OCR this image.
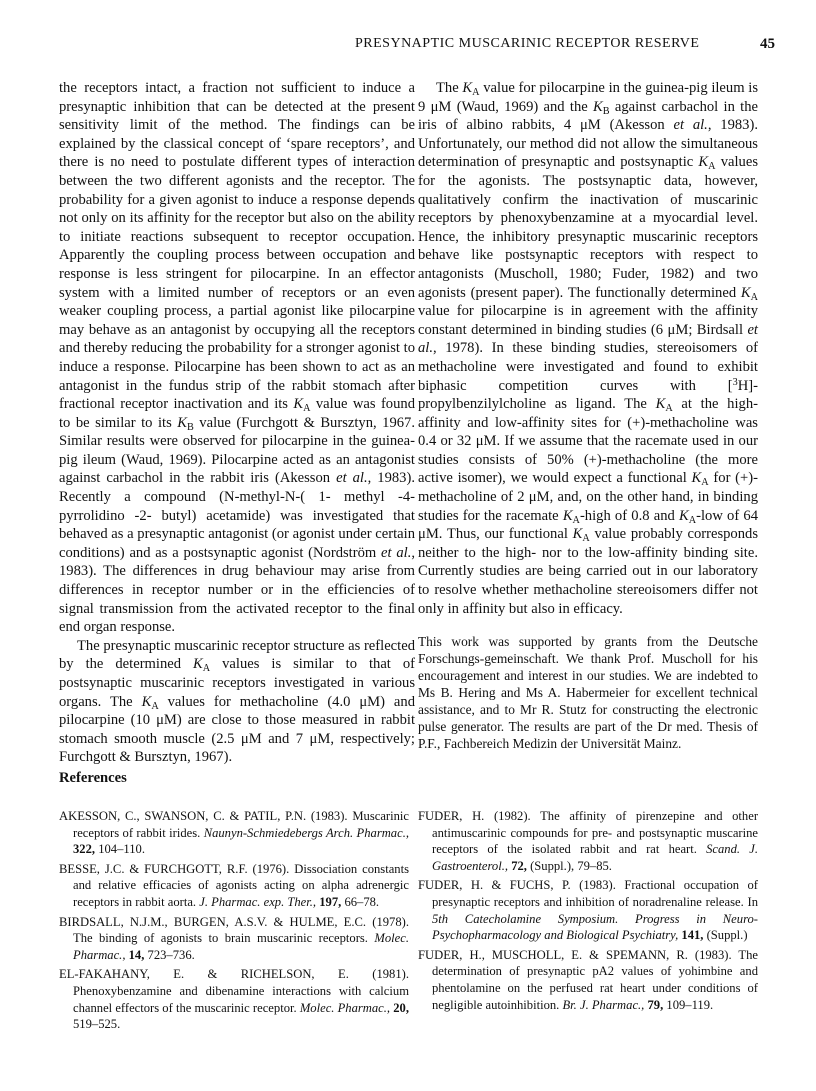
PRESYNAPTIC MUSCARINIC RECEPTOR RESERVE	45

the receptors intact, a fraction not sufficient to induce a presynaptic inhibition that can be detected at the present sensitivity limit of the method. The findings can be explained by the classical concept of ‘spare receptors’, and there is no need to postulate different types of interaction between the two different agonists and the receptor. The probability for a given agonist to induce a response depends not only on its affinity for the receptor but also on the ability to initiate reactions subsequent to receptor occupation. Apparently the coupling process between occupation and response is less stringent for pilocarpine. In an effector system with a limited number of receptors or an even weaker coupling process, a partial agonist like pilocarpine may behave as an antagonist by occupying all the receptors and thereby reducing the probability for a stronger agonist to induce a response. Pilocarpine has been shown to act as an antagonist in the fundus strip of the rabbit stomach after fractional receptor inactivation and its $K_A$ value was found to be similar to its $K_B$ value (Furchgott & Bursztyn, 1967. Similar results were observed for pilocarpine in the guinea-pig ileum (Waud, 1969). Pilocarpine acted as an antagonist against carbachol in the rabbit iris (Akesson et al., 1983). Recently a compound (N-methyl-N-( 1- methyl -4- pyrrolidino -2- butyl) acetamide) was investigated that behaved as a presynaptic antagonist (or agonist under certain conditions) and as a postsynaptic agonist (Nordström et al., 1983). The differences in drug behaviour may arise from differences in receptor number or in the efficiencies of signal transmission from the activated receptor to the final end organ response.

The presynaptic muscarinic receptor structure as reflected by the determined $K_A$ values is similar to that of postsynaptic muscarinic receptors investigated in various organs. The $K_A$ values for methacholine (4.0 μM) and pilocarpine (10 μM) are close to those measured in rabbit stomach smooth muscle (2.5 μM and 7 μM, respectively; Furchgott & Bursztyn, 1967).

The $K_A$ value for pilocarpine in the guinea-pig ileum is 9 μM (Waud, 1969) and the $K_B$ against carbachol in the iris of albino rabbits, 4 μM (Akesson et al., 1983). Unfortunately, our method did not allow the simultaneous determination of presynaptic and postsynaptic $K_A$ values for the agonists. The postsynaptic data, however, qualitatively confirm the inactivation of muscarinic receptors by phenoxybenzamine at a myocardial level. Hence, the inhibitory presynaptic muscarinic receptors behave like postsynaptic receptors with respect to antagonists (Muscholl, 1980; Fuder, 1982) and two agonists (present paper). The functionally determined $K_A$ value for pilocarpine is in agreement with the affinity constant determined in binding studies (6 μM; Birdsall et al., 1978). In these binding studies, stereoisomers of methacholine were investigated and found to exhibit biphasic competition curves with [$^3$H]-propylbenzilylcholine as ligand. The $K_A$ at the high-affinity and low-affinity sites for (+)-methacholine was 0.4 or 32 μM. If we assume that the racemate used in our studies consists of 50% (+)-methacholine (the more active isomer), we would expect a functional $K_A$ for (+)-methacholine of 2 μM, and, on the other hand, in binding studies for the racemate $K_A$-high of 0.8 and $K_A$-low of 64 μM. Thus, our functional $K_A$ value probably corresponds neither to the high- nor to the low-affinity binding site. Currently studies are being carried out in our laboratory to resolve whether methacholine stereoisomers differ not only in affinity but also in efficacy.

This work was supported by grants from the Deutsche Forschungs-gemeinschaft. We thank Prof. Muscholl for his encouragement and interest in our studies. We are indebted to Ms B. Hering and Ms A. Habermeier for excellent technical assistance, and to Mr R. Stutz for constructing the electronic pulse generator. The results are part of the Dr med. Thesis of P.F., Fachbereich Medizin der Universität Mainz.
References

AKESSON, C., SWANSON, C. & PATIL, P.N. (1983). Muscarinic receptors of rabbit irides. Naunyn-Schmiedebergs Arch. Pharmac., 322, 104–110.

BESSE, J.C. & FURCHGOTT, R.F. (1976). Dissociation constants and relative efficacies of agonists acting on alpha adrenergic receptors in rabbit aorta. J. Pharmac. exp. Ther., 197, 66–78.

BIRDSALL, N.J.M., BURGEN, A.S.V. & HULME, E.C. (1978). The binding of agonists to brain muscarinic receptors. Molec. Pharmac., 14, 723–736.

EL-FAKAHANY, E. & RICHELSON, E. (1981). Phenoxybenzamine and dibenamine interactions with calcium channel effectors of the muscarinic receptor. Molec. Pharmac., 20, 519–525.

FUDER, H. (1982). The affinity of pirenzepine and other antimuscarinic compounds for pre- and postsynaptic muscarine receptors of the isolated rabbit and rat heart. Scand. J. Gastroenterol., 72, (Suppl.), 79–85.

FUDER, H. & FUCHS, P. (1983). Fractional occupation of presynaptic receptors and inhibition of noradrenaline release. In 5th Catecholamine Symposium. Progress in Neuro-Psychopharmacology and Biological Psychiatry, 141, (Suppl.)

FUDER, H., MUSCHOLL, E. & SPEMANN, R. (1983). The determination of presynaptic pA2 values of yohimbine and phentolamine on the perfused rat heart under conditions of negligible autoinhibition. Br. J. Pharmac., 79, 109–119.
